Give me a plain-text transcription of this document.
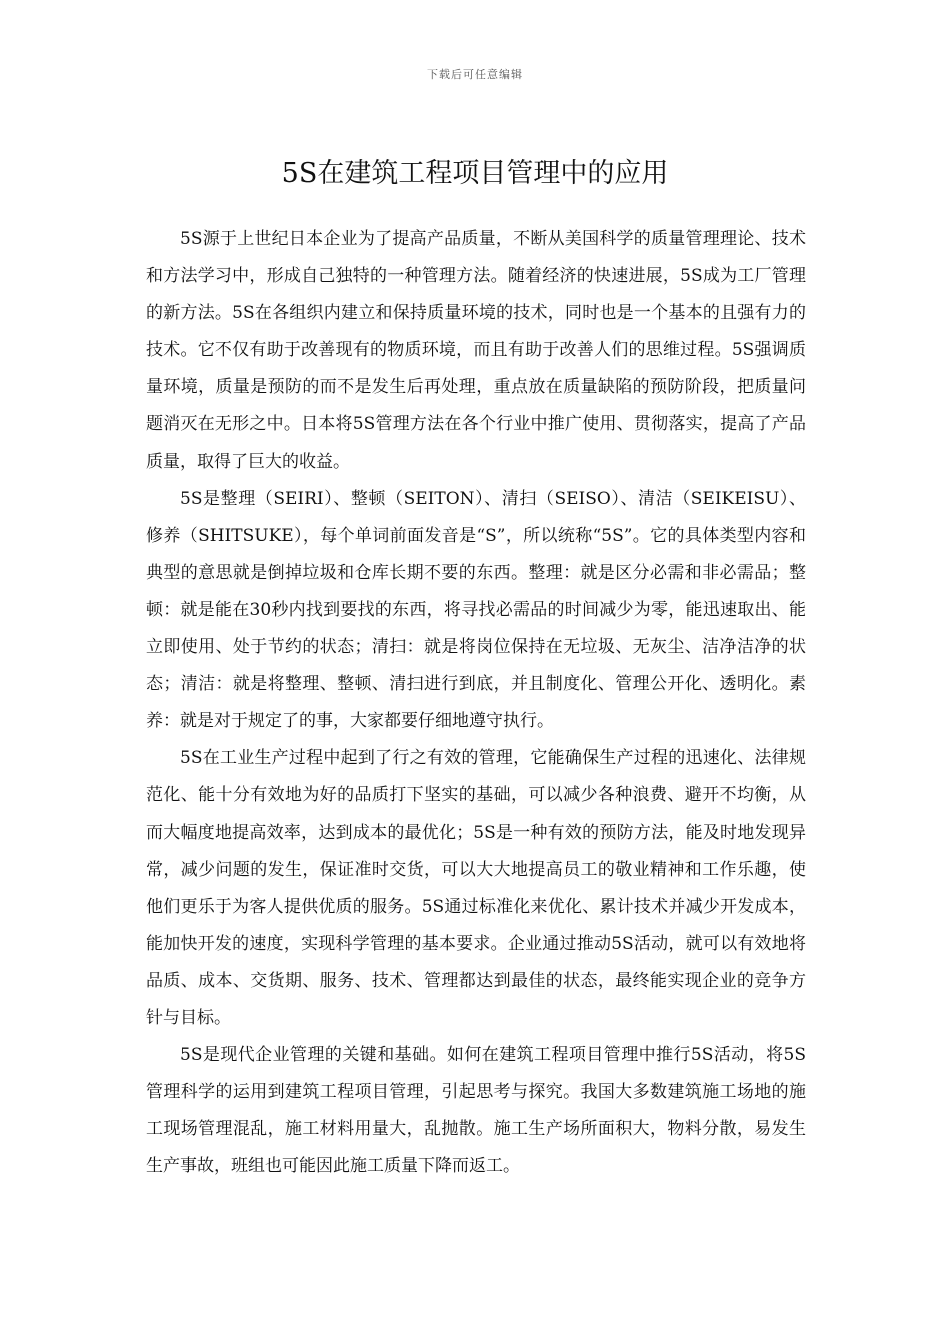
下载后可任意编辑
5S在建筑工程项目管理中的应用

5S源于上世纪日本企业为了提高产品质量，不断从美国科学的质量管理理论、技术和方法学习中，形成自己独特的一种管理方法。随着经济的快速进展，5S成为工厂管理的新方法。5S在各组织内建立和保持质量环境的技术，同时也是一个基本的且强有力的技术。它不仅有助于改善现有的物质环境，而且有助于改善人们的思维过程。5S强调质量环境，质量是预防的而不是发生后再处理，重点放在质量缺陷的预防阶段，把质量问题消灭在无形之中。日本将5S管理方法在各个行业中推广使用、贯彻落实，提高了产品质量，取得了巨大的收益。

5S是整理（SEIRI）、整顿（SEITON）、清扫（SEISO）、清洁（SEIKEISU）、修养（SHITSUKE），每个单词前面发音是“S”，所以统称“5S”。它的具体类型内容和典型的意思就是倒掉垃圾和仓库长期不要的东西。整理：就是区分必需和非必需品；整顿：就是能在30秒内找到要找的东西，将寻找必需品的时间减少为零，能迅速取出、能立即使用、处于节约的状态；清扫：就是将岗位保持在无垃圾、无灰尘、洁净洁净的状态；清洁：就是将整理、整顿、清扫进行到底，并且制度化、管理公开化、透明化。素养：就是对于规定了的事，大家都要仔细地遵守执行。

5S在工业生产过程中起到了行之有效的管理，它能确保生产过程的迅速化、法律规范化、能十分有效地为好的品质打下坚实的基础，可以减少各种浪费、避开不均衡，从而大幅度地提高效率，达到成本的最优化；5S是一种有效的预防方法，能及时地发现异常，减少问题的发生，保证准时交货，可以大大地提高员工的敬业精神和工作乐趣，使他们更乐于为客人提供优质的服务。5S通过标准化来优化、累计技术并减少开发成本，能加快开发的速度，实现科学管理的基本要求。企业通过推动5S活动，就可以有效地将品质、成本、交货期、服务、技术、管理都达到最佳的状态，最终能实现企业的竞争方针与目标。

5S是现代企业管理的关键和基础。如何在建筑工程项目管理中推行5S活动，将5S管理科学的运用到建筑工程项目管理，引起思考与探究。我国大多数建筑施工场地的施工现场管理混乱，施工材料用量大，乱抛散。施工生产场所面积大，物料分散，易发生生产事故，班组也可能因此施工质量下降而返工。
